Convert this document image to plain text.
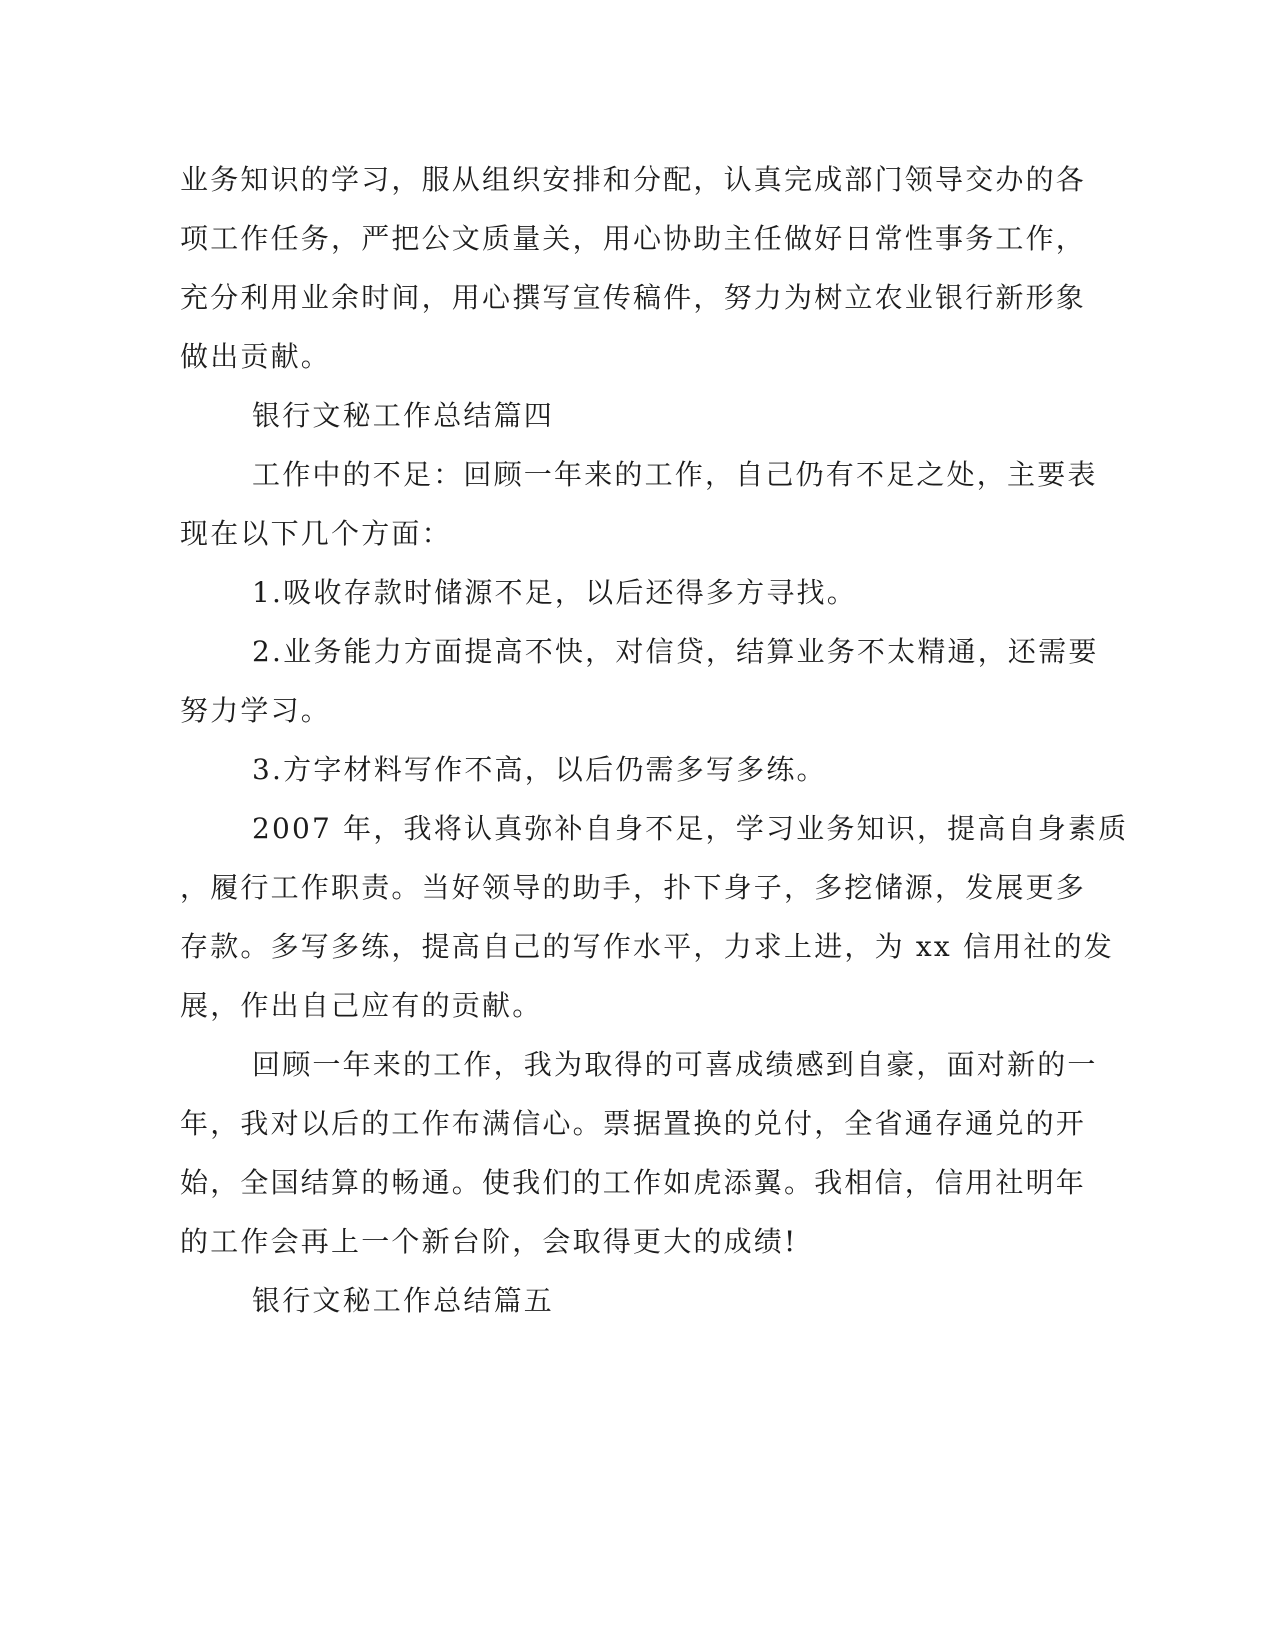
业务知识的学习，服从组织安排和分配，认真完成部门领导交办的各
项工作任务，严把公文质量关，用心协助主任做好日常性事务工作，
充分利用业余时间，用心撰写宣传稿件，努力为树立农业银行新形象
做出贡献。
银行文秘工作总结篇四
工作中的不足：回顾一年来的工作，自己仍有不足之处，主要表
现在以下几个方面：
1.吸收存款时储源不足，以后还得多方寻找。
2.业务能力方面提高不快，对信贷，结算业务不太精通，还需要
努力学习。
3.方字材料写作不高，以后仍需多写多练。
2007 年，我将认真弥补自身不足，学习业务知识，提高自身素质
，履行工作职责。当好领导的助手，扑下身子，多挖储源，发展更多
存款。多写多练，提高自己的写作水平，力求上进，为 xx 信用社的发
展，作出自己应有的贡献。
回顾一年来的工作，我为取得的可喜成绩感到自豪，面对新的一
年，我对以后的工作布满信心。票据置换的兑付，全省通存通兑的开
始，全国结算的畅通。使我们的工作如虎添翼。我相信，信用社明年
的工作会再上一个新台阶，会取得更大的成绩!
银行文秘工作总结篇五
